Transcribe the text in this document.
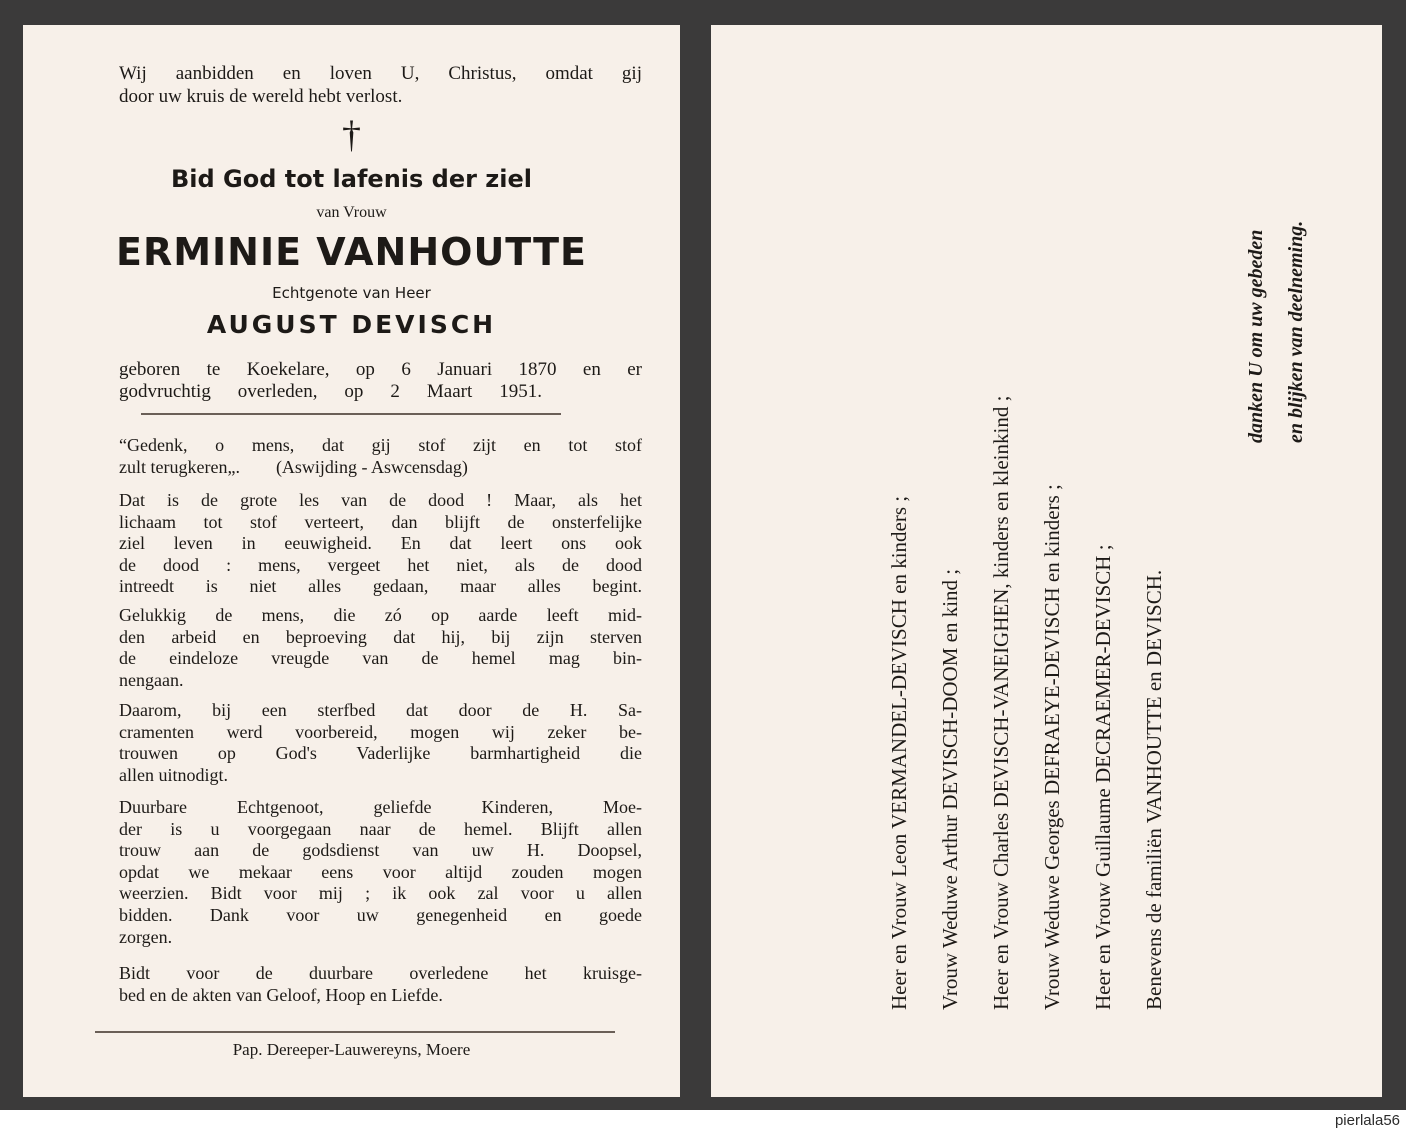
Wij aanbidden en loven U, Christus, omdat gij

door uw kruis de wereld hebt verlost.

†

Bid God tot lafenis der ziel

van Vrouw

ERMINIE VANHOUTTE

Echtgenote van Heer

AUGUST DEVISCH

geboren te Koekelare, op 6 Januari 1870 en er

godvruchtig overleden, op 2 Maart 1951.

“Gedenk, o mens, dat gij stof zijt en tot stof
zult terugkeren„.        (Aswijding - Aswcensdag)
Dat is de grote les van de dood ! Maar, als het
lichaam tot stof verteert, dan blijft de onsterfelijke
ziel leven in eeuwigheid. En dat leert ons ook
de dood : mens, vergeet het niet, als de dood
intreedt is niet alles gedaan, maar alles begint.
Gelukkig de mens, die zó op aarde leeft mid-
den arbeid en beproeving dat hij, bij zijn sterven
de eindeloze vreugde van de hemel mag bin-
nengaan.
Daarom, bij een sterfbed dat door de H. Sa-
cramenten werd voorbereid, mogen wij zeker be-
trouwen op God's Vaderlijke barmhartigheid die
allen uitnodigt.
Duurbare Echtgenoot, geliefde Kinderen, Moe-
der is u voorgegaan naar de hemel. Blijft allen
trouw aan de godsdienst van uw H. Doopsel,
opdat we mekaar eens voor altijd zouden mogen
weerzien. Bidt voor mij ; ik ook zal voor u allen
bidden. Dank voor uw genegenheid en goede
zorgen.
Bidt voor de duurbare overledene het kruisge-
bed en de akten van Geloof, Hoop en Liefde.

Pap. Dereeper-Lauwereyns, Moere

Heer en Vrouw Leon VERMANDEL-DEVISCH en kinders ; Vrouw Weduwe Arthur DEVISCH-DOOM en kind ; Heer en Vrouw Charles DEVISCH-VANEIGHEN, kinders en kleinkind ; Vrouw Weduwe Georges DEFRAEYE-DEVISCH en kinders ; Heer en Vrouw Guillaume DECRAEMER-DEVISCH ; Benevens de familiën VANHOUTTE en DEVISCH.
danken U om uw gebeden en blijken van deelneming.
pierlala56
